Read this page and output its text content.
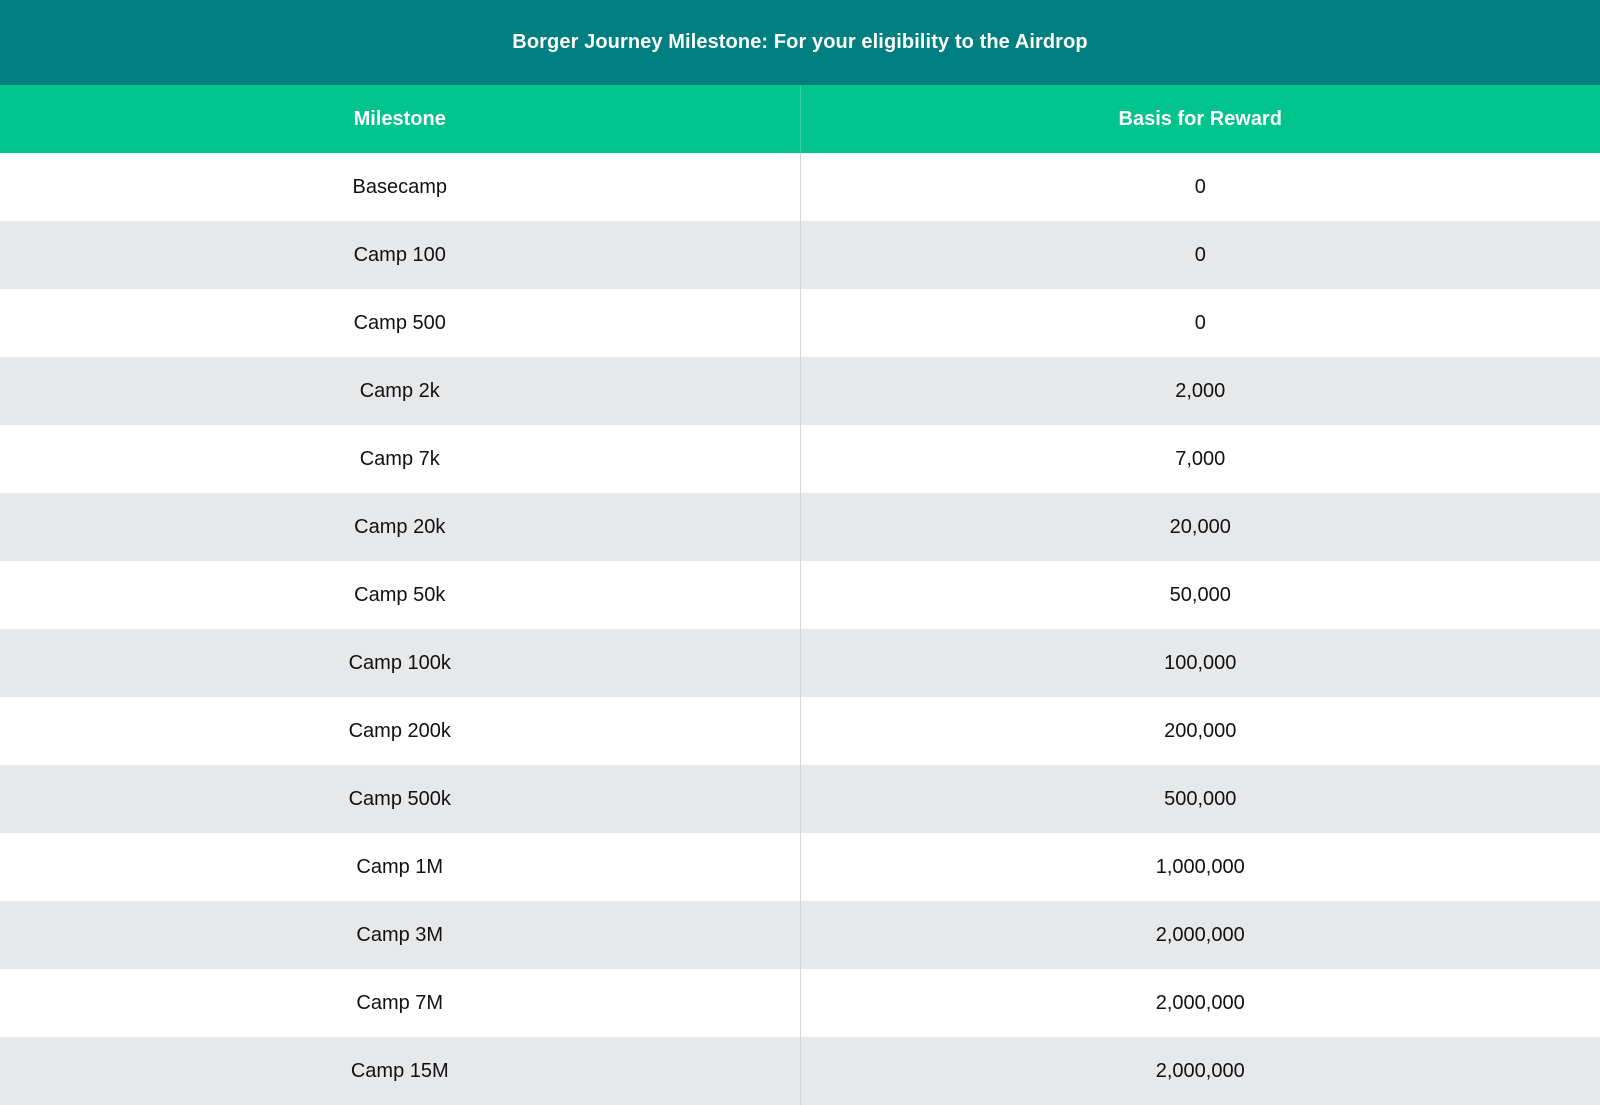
Borger Journey Milestone: For your eligibility to the Airdrop
Milestone	Basis for Reward
Basecamp	0
Camp 100	0
Camp 500	0
Camp 2k	2,000
Camp 7k	7,000
Camp 20k	20,000
Camp 50k	50,000
Camp 100k	100,000
Camp 200k	200,000
Camp 500k	500,000
Camp 1M	1,000,000
Camp 3M	2,000,000
Camp 7M	2,000,000
Camp 15M	2,000,000
